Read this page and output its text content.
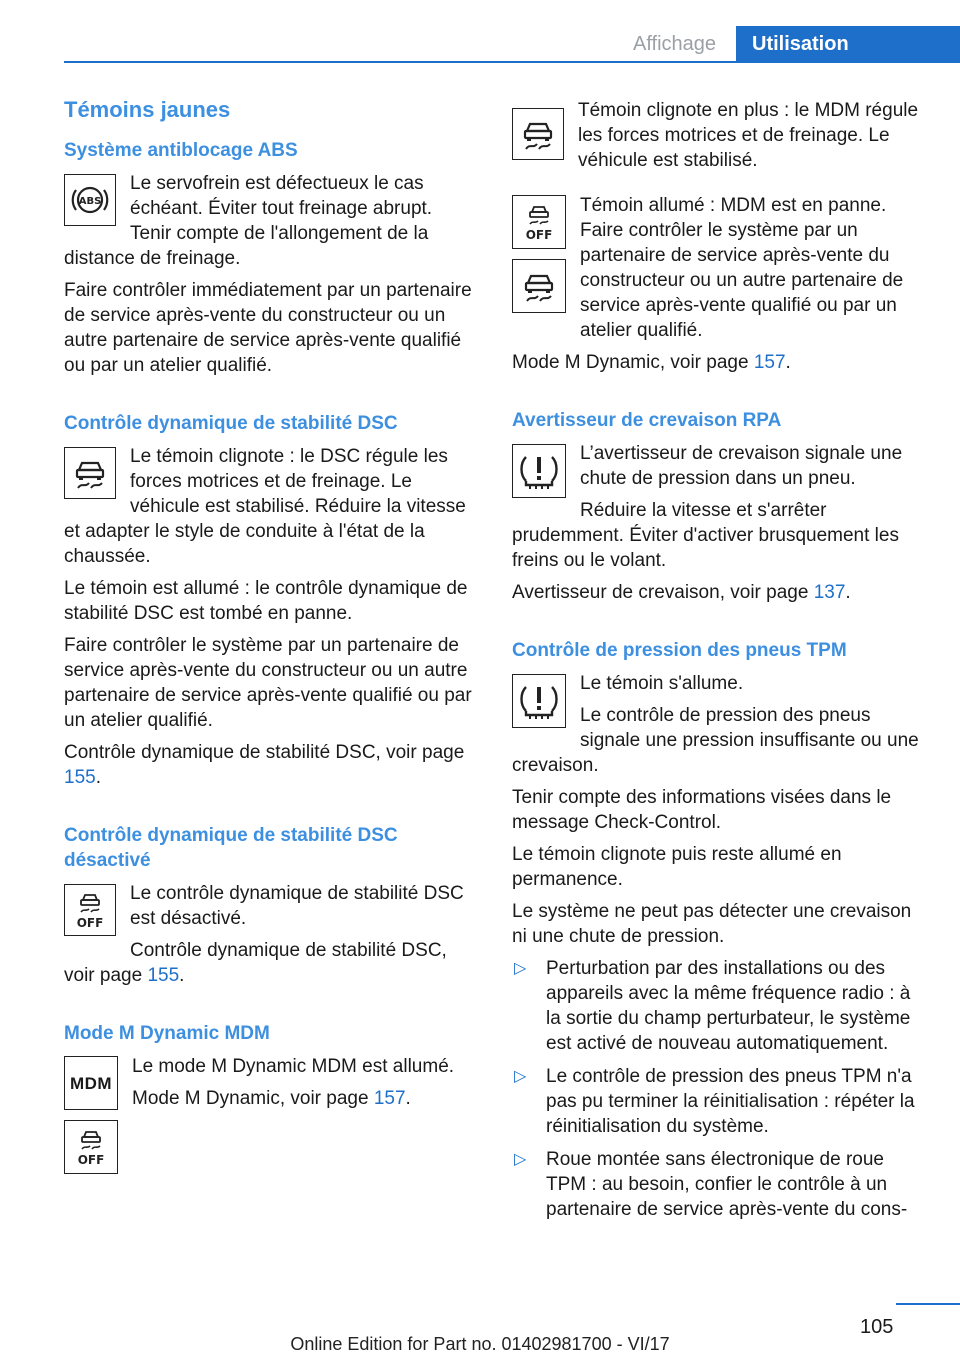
Affichage	Utilisation
Témoins jaunes
Système antiblocage ABS
ABS

Le servofrein est défectueux le cas échéant. Éviter tout freinage abrupt. Tenir compte de l'allongement de la distance de freinage.

Faire contrôler immédiatement par un partenaire de service après-vente du constructeur ou un autre partenaire de service après-vente qualifié ou par un atelier qualifié.

Contrôle dynamique de stabilité DSC

Le témoin clignote : le DSC régule les forces motrices et de freinage. Le véhicule est stabilisé. Réduire la vitesse et adapter le style de conduite à l'état de la chaussée.

Le témoin est allumé : le contrôle dynamique de stabilité DSC est tombé en panne.

Faire contrôler le système par un partenaire de service après-vente du constructeur ou un autre partenaire de service après-vente qualifié ou par un atelier qualifié.

Contrôle dynamique de stabilité DSC, voir page 155.

Contrôle dynamique de stabilité DSC désactivé
OFF

Le contrôle dynamique de stabilité DSC est désactivé.

Contrôle dynamique de stabilité DSC, voir page 155.

Mode M Dynamic MDM
MDM
OFF

Le mode M Dynamic MDM est allumé.

Mode M Dynamic, voir page 157.

Témoin clignote en plus : le MDM régule les forces motrices et de freinage. Le véhicule est stabilisé.

OFF

Témoin allumé : MDM est en panne. Faire contrôler le système par un partenaire de service après-vente du constructeur ou un autre partenaire de service après-vente qualifié ou par un atelier qualifié.

Mode M Dynamic, voir page 157.

Avertisseur de crevaison RPA

L’avertisseur de crevaison signale une chute de pression dans un pneu.

Réduire la vitesse et s'arrêter prudemment. Éviter d'activer brusquement les freins ou le volant.

Avertisseur de crevaison, voir page 137.

Contrôle de pression des pneus TPM

Le témoin s'allume.

Le contrôle de pression des pneus signale une pression insuffisante ou une crevaison.

Tenir compte des informations visées dans le message Check-Control.

Le témoin clignote puis reste allumé en permanence.

Le système ne peut pas détecter une crevaison ni une chute de pression.

▷ Perturbation par des installations ou des appareils avec la même fréquence radio : à la sortie du champ perturbateur, le système est activé de nouveau automatiquement.
▷ Le contrôle de pression des pneus TPM n'a pas pu terminer la réinitialisation : répéter la réinitialisation du système.
▷ Roue montée sans électronique de roue TPM : au besoin, confier le contrôle à un partenaire de service après-vente du cons-
105
Online Edition for Part no. 01402981700 - VI/17
